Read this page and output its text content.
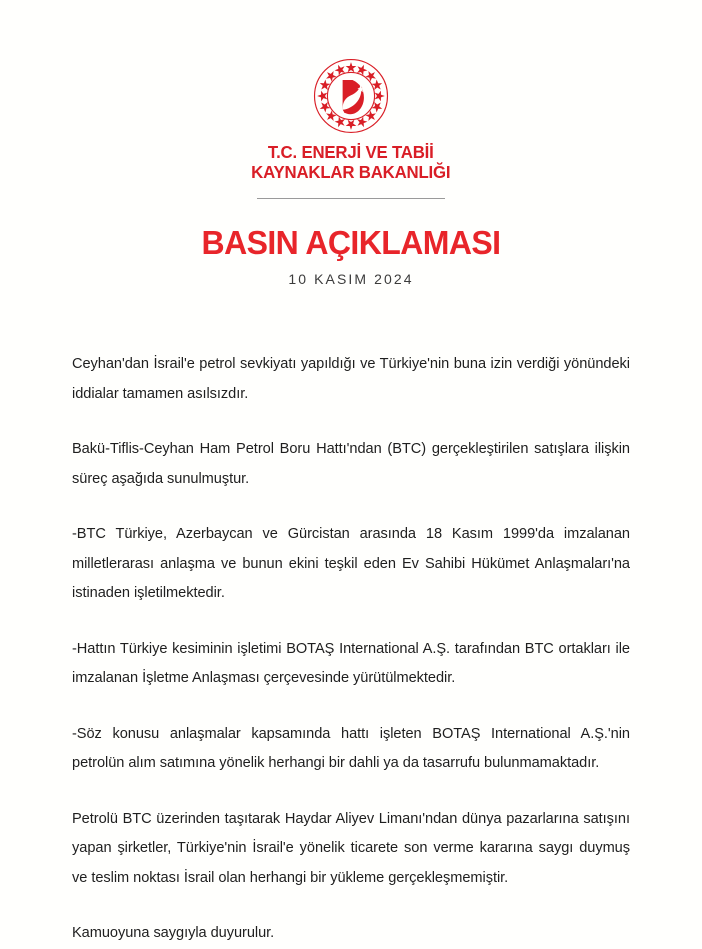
T.C. ENERJİ VE TABİİ
KAYNAKLAR BAKANLIĞI
BASIN AÇIKLAMASI
10 KASIM 2024

Ceyhan'dan İsrail'e petrol sevkiyatı yapıldığı ve Türkiye'nin buna izin verdiği yönündeki iddialar tamamen asılsızdır.

Bakü-Tiflis-Ceyhan Ham Petrol Boru Hattı'ndan (BTC) gerçekleştirilen satışlara ilişkin süreç aşağıda sunulmuştur.

-BTC Türkiye, Azerbaycan ve Gürcistan arasında 18 Kasım 1999'da imzalanan milletlerarası anlaşma ve bunun ekini teşkil eden Ev Sahibi Hükümet Anlaşmaları'na istinaden işletilmektedir.

-Hattın Türkiye kesiminin işletimi BOTAŞ International A.Ş. tarafından BTC ortakları ile imzalanan İşletme Anlaşması çerçevesinde yürütülmektedir.

-Söz konusu anlaşmalar kapsamında hattı işleten BOTAŞ International A.Ş.'nin petrolün alım satımına yönelik herhangi bir dahli ya da tasarrufu bulunmamaktadır.

Petrolü BTC üzerinden taşıtarak Haydar Aliyev Limanı'ndan dünya pazarlarına satışını yapan şirketler, Türkiye'nin İsrail'e yönelik ticarete son verme kararına saygı duymuş ve teslim noktası İsrail olan herhangi bir yükleme gerçekleşmemiştir.

Kamuoyuna saygıyla duyurulur.
